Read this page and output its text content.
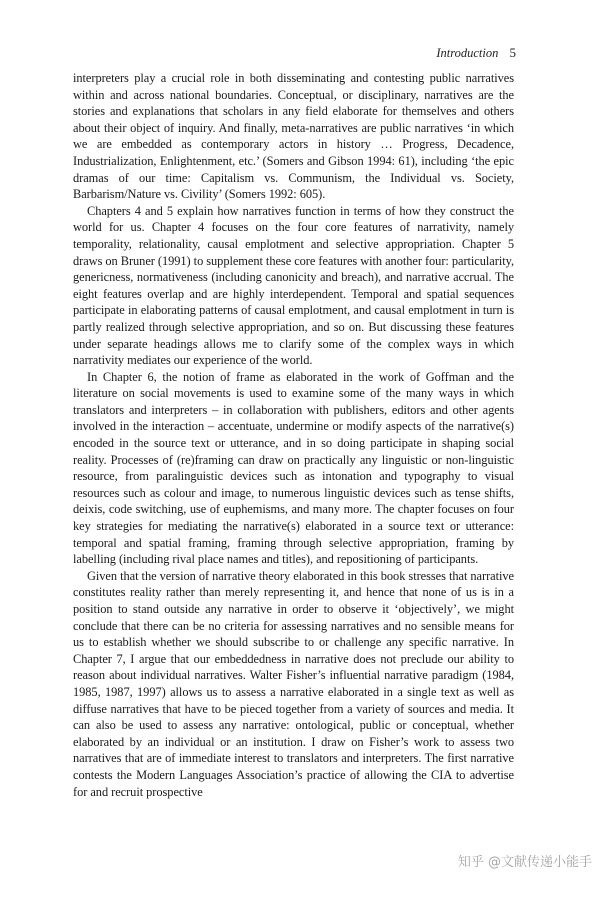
Introduction 5

interpreters play a crucial role in both disseminating and contesting public narratives within and across national boundaries. Conceptual, or disciplinary, narratives are the stories and explanations that scholars in any field elaborate for themselves and others about their object of inquiry. And finally, meta-narratives are public narratives ‘in which we are embedded as contemporary actors in history … Progress, Decadence, Industrialization, Enlightenment, etc.’ (Somers and Gibson 1994: 61), including ‘the epic dramas of our time: Capitalism vs. Communism, the Individual vs. Society, Barbarism/Nature vs. Civility’ (Somers 1992: 605).

Chapters 4 and 5 explain how narratives function in terms of how they construct the world for us. Chapter 4 focuses on the four core features of narrativity, namely temporality, relationality, causal emplotment and selective appropriation. Chapter 5 draws on Bruner (1991) to supplement these core features with another four: particularity, genericness, normativeness (including canonicity and breach), and narrative accrual. The eight features overlap and are highly interdependent. Temporal and spatial sequences participate in elaborating patterns of causal emplotment, and causal emplotment in turn is partly realized through selective appropriation, and so on. But discussing these features under separate headings allows me to clarify some of the complex ways in which narrativity mediates our experience of the world.

In Chapter 6, the notion of frame as elaborated in the work of Goffman and the literature on social movements is used to examine some of the many ways in which translators and interpreters – in collaboration with publishers, editors and other agents involved in the interaction – accentuate, undermine or modify aspects of the narrative(s) encoded in the source text or utterance, and in so doing participate in shaping social reality. Processes of (re)framing can draw on practically any linguistic or non-linguistic resource, from paralinguistic devices such as intonation and typography to visual resources such as colour and image, to numerous linguistic devices such as tense shifts, deixis, code switching, use of euphemisms, and many more. The chapter focuses on four key strategies for mediating the narrative(s) elaborated in a source text or utterance: temporal and spatial framing, framing through selective appropriation, framing by labelling (including rival place names and titles), and repositioning of participants.

Given that the version of narrative theory elaborated in this book stresses that narrative constitutes reality rather than merely representing it, and hence that none of us is in a position to stand outside any narrative in order to observe it ‘objectively’, we might conclude that there can be no criteria for assessing narratives and no sensible means for us to establish whether we should subscribe to or challenge any specific narrative. In Chapter 7, I argue that our embeddedness in narrative does not preclude our ability to reason about individual narratives. Walter Fisher’s influential narrative paradigm (1984, 1985, 1987, 1997) allows us to assess a narrative elaborated in a single text as well as diffuse narratives that have to be pieced together from a variety of sources and media. It can also be used to assess any narrative: ontological, public or conceptual, whether elaborated by an individual or an institution. I draw on Fisher’s work to assess two narratives that are of immediate interest to translators and interpreters. The first narrative contests the Modern Languages Association’s practice of allowing the CIA to advertise for and recruit prospective

知乎 @文献传递小能手
